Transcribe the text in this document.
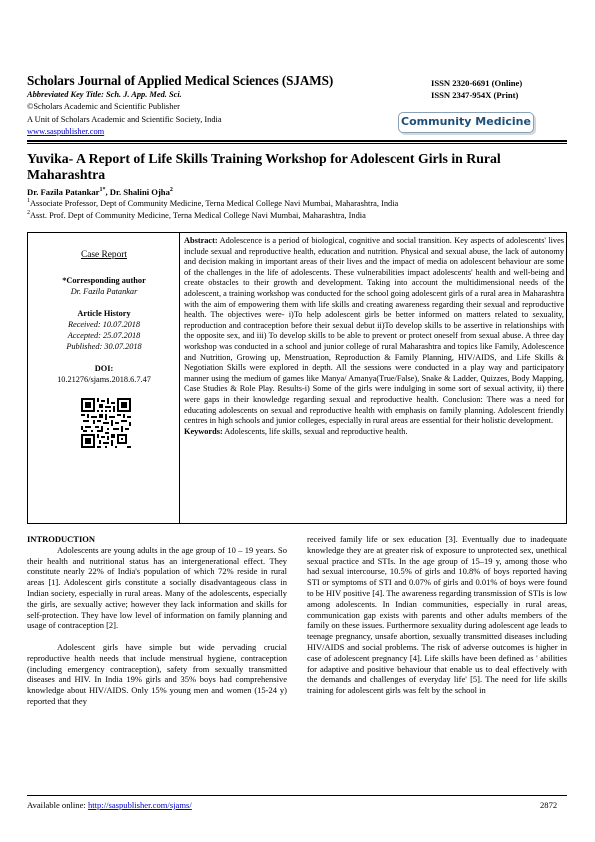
Scholars Journal of Applied Medical Sciences (SJAMS)	ISSN 2320-6691 (Online)
Abbreviated Key Title: Sch. J. App. Med. Sci.	ISSN 2347-954X (Print)
©Scholars Academic and Scientific Publisher
A Unit of Scholars Academic and Scientific Society, India
www.saspublisher.com
Community Medicine
Yuvika- A Report of Life Skills Training Workshop for Adolescent Girls in Rural Maharashtra
Dr. Fazila Patankar$^{1*}$, Dr. Shalini Ojha$^2$
$^1$Associate Professor, Dept of Community Medicine, Terna Medical College Navi Mumbai, Maharashtra, India
$^2$Asst. Prof. Dept of Community Medicine, Terna Medical College Navi Mumbai, Maharashtra, India
Case Report
*Corresponding author
Dr. Fazila Patankar
Article History
Received: 10.07.2018
Accepted: 25.07.2018
Published: 30.07.2018
DOI:
10.21276/sjams.2018.6.7.47

Abstract: Adolescence is a period of biological, cognitive and social transition. Key aspects of adolescents' lives include sexual and reproductive health, education and nutrition. Physical and sexual abuse, the lack of autonomy and decision making in important areas of their lives and the impact of media on adolescent behaviour are some of the challenges in the life of adolescents. These vulnerabilities impact adolescents' health and well-being and create obstacles to their growth and development. Taking into account the multidimensional needs of the adolescent, a training workshop was conducted for the school going adolescent girls of a rural area in Maharashtra with the aim of empowering them with life skills and creating awareness regarding their sexual and reproductive health. The objectives were- i)To help adolescent girls be better informed on matters related to sexuality, reproduction and contraception before their sexual debut ii)To develop skills to be assertive in relationships with the opposite sex, and iii) To develop skills to be able to prevent or protect oneself from sexual abuse. A three day workshop was conducted in a school and junior college of rural Maharashtra and topics like Family, Adolescence and Nutrition, Growing up, Menstruation, Reproduction & Family Planning, HIV/AIDS, and Life Skills & Negotiation Skills were explored in depth. All the sessions were conducted in a play way and participatory manner using the medium of games like Manya/ Amanya(True/False), Snake & Ladder, Quizzes, Body Mapping, Case Studies & Role Play. Results-i) Some of the girls were indulging in some sort of sexual activity, ii) there were gaps in their knowledge regarding sexual and reproductive health. Conclusion: There was a need for educating adolescents on sexual and reproductive health with emphasis on family planning. Adolescent friendly centres in high schools and junior colleges, especially in rural areas are essential for their holistic development.

Keywords: Adolescents, life skills, sexual and reproductive health.

INTRODUCTION

Adolescents are young adults in the age group of 10 – 19 years. So their health and nutritional status has an intergenerational effect. They constitute nearly 22% of India's population of which 72% reside in rural areas [1]. Adolescent girls constitute a socially disadvantageous class in Indian society, especially in rural areas. Many of the adolescents, especially the girls, are sexually active; however they lack information and skills for self-protection. They have low level of information on family planning and usage of contraception [2].

Adolescent girls have simple but wide pervading crucial reproductive health needs that include menstrual hygiene, contraception (including emergency contraception), safety from sexually transmitted diseases and HIV. In India 19% girls and 35% boys had comprehensive knowledge about HIV/AIDS. Only 15% young men and women (15-24 y) reported that they

received family life or sex education [3]. Eventually due to inadequate knowledge they are at greater risk of exposure to unprotected sex, unethical sexual practice and STIs. In the age group of 15–19 y, among those who had sexual intercourse, 10.5% of girls and 10.8% of boys reported having STI or symptoms of STI and 0.07% of girls and 0.01% of boys were found to be HIV positive [4]. The awareness regarding transmission of STIs is low among adolescents. In Indian communities, especially in rural areas, communication gap exists with parents and other adults members of the family on these issues. Furthermore sexuality during adolescent age leads to teenage pregnancy, unsafe abortion, sexually transmitted diseases including HIV/AIDS and social problems. The risk of adverse outcomes is higher in case of adolescent pregnancy [4]. Life skills have been defined as ' abilities for adaptive and positive behaviour that enable us to deal effectively with the demands and challenges of everyday life' [5]. The need for life skills training for adolescent girls was felt by the school in

Available online: http://saspublisher.com/sjams/	2872
